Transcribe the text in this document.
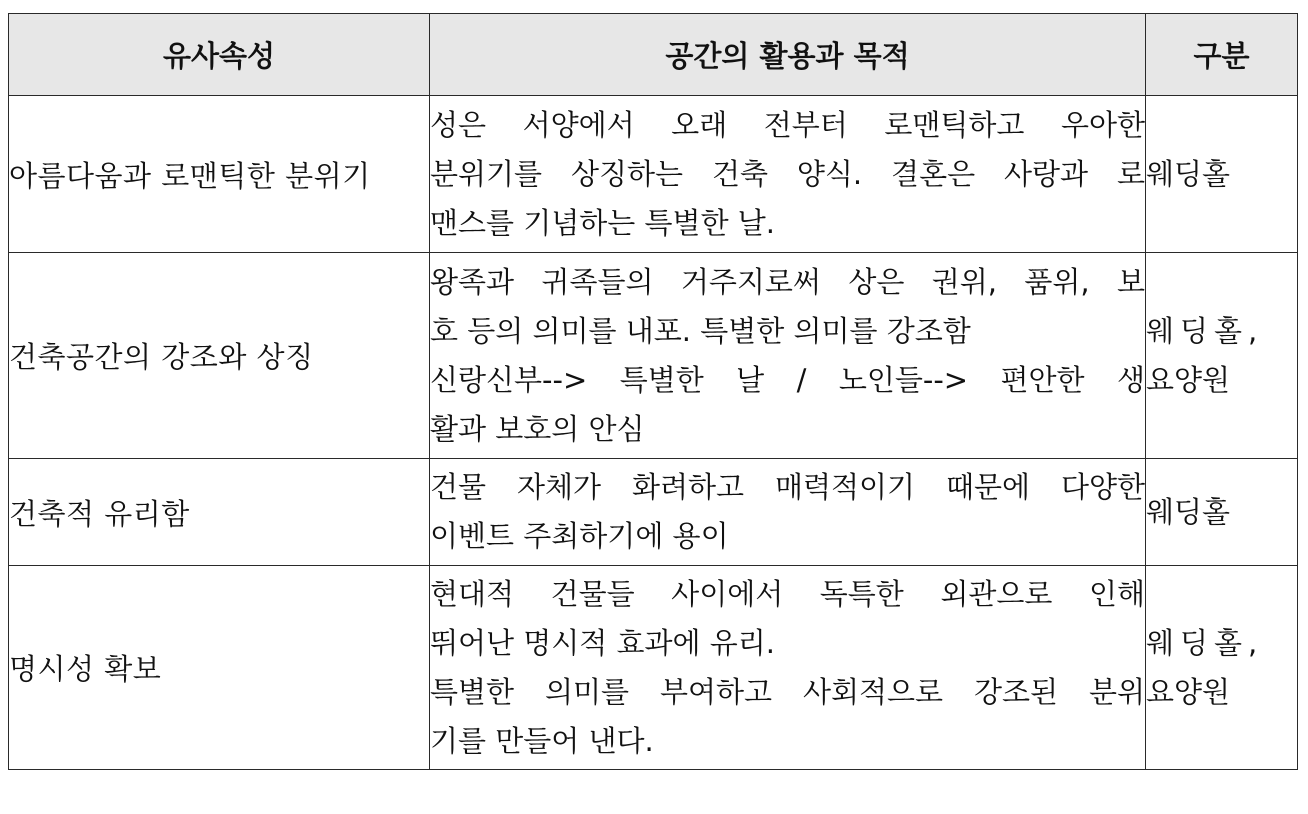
유사속성	공간의 활용과 목적	구분
아름다움과 로맨틱한 분위기	성은 서양에서 오래 전부터 로맨틱하고 우아한
분위기를 상징하는 건축 양식. 결혼은 사랑과 로
맨스를 기념하는 특별한 날.	웨딩홀

건축공간의 강조와 상징	왕족과 귀족들의 거주지로써 상은 권위, 품위, 보
호 등의 의미를 내포. 특별한 의미를 강조함
신랑신부--> 특별한 날 / 노인들--> 편안한 생
활과 보호의 안심	웨딩홀,
요양원

건축적 유리함	건물 자체가 화려하고 매력적이기 때문에 다양한
이벤트 주최하기에 용이	웨딩홀

명시성 확보	현대적 건물들 사이에서 독특한 외관으로 인해
뛰어난 명시적 효과에 유리.
특별한 의미를 부여하고 사회적으로 강조된 분위
기를 만들어 낸다.	웨딩홀,
요양원
